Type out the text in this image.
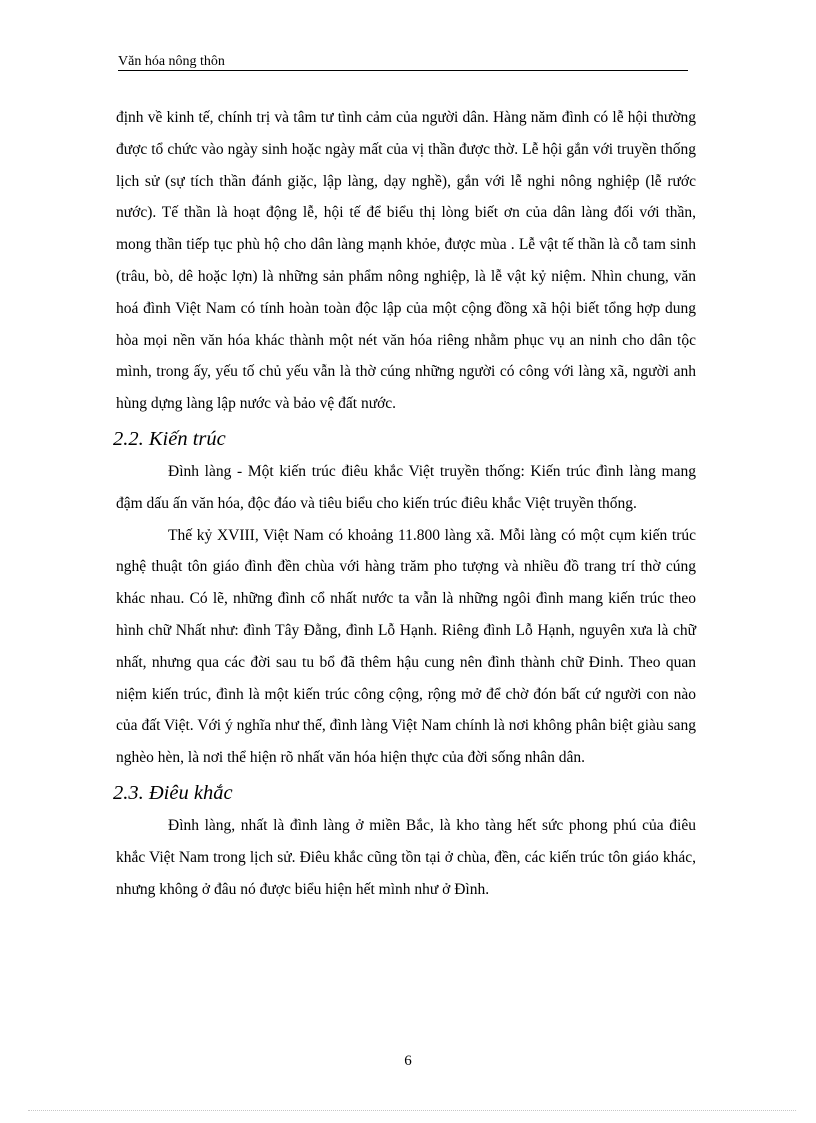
Văn hóa nông thôn

định về kinh tế, chính trị và tâm tư tình cảm của người dân. Hàng năm đình có lễ hội thường được tổ chức vào ngày sinh hoặc ngày mất của vị thần được thờ. Lễ hội gắn với truyền thống lịch sử (sự tích thần đánh giặc, lập làng, dạy nghề), gắn với lễ nghi nông nghiệp (lễ rước nước). Tế thần là hoạt động lễ, hội tế để biểu thị lòng biết ơn của dân làng đối với thần, mong thần tiếp tục phù hộ cho dân làng mạnh khỏe, được mùa . Lễ vật tế thần là cỗ tam sinh (trâu, bò, dê hoặc lợn) là những sản phẩm nông nghiệp, là lễ vật kỷ niệm. Nhìn chung, văn hoá đình Việt Nam có tính hoàn toàn độc lập của một cộng đồng xã hội biết tổng hợp dung hòa mọi nền văn hóa khác thành một nét văn hóa riêng nhằm phục vụ an ninh cho dân tộc mình, trong ấy, yếu tố chủ yếu vẫn là thờ cúng những người có công với làng xã, người anh hùng dựng làng lập nước và bảo vệ đất nước.

2.2. Kiến trúc

Đình làng - Một kiến trúc điêu khắc Việt truyền thống: Kiến trúc đình làng mang đậm dấu ấn văn hóa, độc đáo và tiêu biểu cho kiến trúc điêu khắc Việt truyền thống.

Thế kỷ XVIII, Việt Nam có khoảng 11.800 làng xã. Mỗi làng có một cụm kiến trúc nghệ thuật tôn giáo đình đền chùa với hàng trăm pho tượng và nhiều đồ trang trí thờ cúng khác nhau. Có lẽ, những đình cổ nhất nước ta vẫn là những ngôi đình mang kiến trúc theo hình chữ Nhất như: đình Tây Đằng, đình Lỗ Hạnh. Riêng đình Lỗ Hạnh, nguyên xưa là chữ nhất, nhưng qua các đời sau tu bổ đã thêm hậu cung nên đình thành chữ Đinh. Theo quan niệm kiến trúc, đình là một kiến trúc công cộng, rộng mở để chờ đón bất cứ người con nào của đất Việt. Với ý nghĩa như thế, đình làng Việt Nam chính là nơi không phân biệt giàu sang nghèo hèn, là nơi thể hiện rõ nhất văn hóa hiện thực của đời sống nhân dân.

2.3. Điêu khắc

Đình làng, nhất là đình làng ở miền Bắc, là kho tàng hết sức phong phú của điêu khắc Việt Nam trong lịch sử. Điêu khắc cũng tồn tại ở chùa, đền, các kiến trúc tôn giáo khác, nhưng không ở đâu nó được biểu hiện hết mình như ở Đình.

6
